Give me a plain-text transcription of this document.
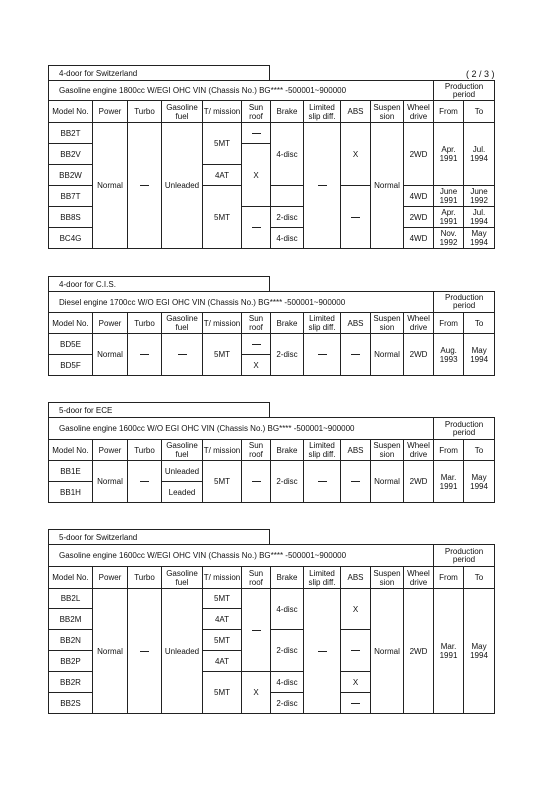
( 2 / 3 )
4-door for Switzerland
Gasoline engine 1800cc W/EGI OHC VIN (Chassis No.) BG**** -500001~900000											Production period	
Model No.	Power	Turbo	Gasoline fuel	T/ mission	Sun roof	Brake	Limited slip diff.	ABS	Suspen sion	Wheel drive	From	To
BB2T	Normal		Unleaded	5MT		4-disc		X	Normal	2WD	Apr. 1991	Jul. 1994
BB2V					X							
BB2W				4AT								
BB7T				5MT						4WD	June 1991	June 1992
BB8S						2-disc				2WD	Apr. 1991	Jul. 1994
BC4G						4-disc				4WD	Nov. 1992	May 1994
4-door for C.I.S.
Diesel engine 1700cc W/O EGI OHC VIN (Chassis No.) BG**** -500001~900000											Production period	
Model No.	Power	Turbo	Gasoline fuel	T/ mission	Sun roof	Brake	Limited slip diff.	ABS	Suspen sion	Wheel drive	From	To
BD5E	Normal			5MT		2-disc			Normal	2WD	Aug. 1993	May 1994
BD5F					X							
5-door for ECE
Gasoline engine 1600cc W/O EGI OHC VIN (Chassis No.) BG**** -500001~900000											Production period	
Model No.	Power	Turbo	Gasoline fuel	T/ mission	Sun roof	Brake	Limited slip diff.	ABS	Suspen sion	Wheel drive	From	To
BB1E	Normal		Unleaded	5MT		2-disc			Normal	2WD	Mar. 1991	May 1994
BB1H			Leaded									
5-door for Switzerland
Gasoline engine 1600cc W/EGI OHC VIN (Chassis No.) BG**** -500001~900000											Production period	
Model No.	Power	Turbo	Gasoline fuel	T/ mission	Sun roof	Brake	Limited slip diff.	ABS	Suspen sion	Wheel drive	From	To
BB2L	Normal		Unleaded	5MT		4-disc		X	Normal	2WD	Mar. 1991	May 1994
BB2M				4AT								
BB2N				5MT		2-disc						
BB2P				4AT								
BB2R				5MT	X	4-disc		X				
BB2S						2-disc						
